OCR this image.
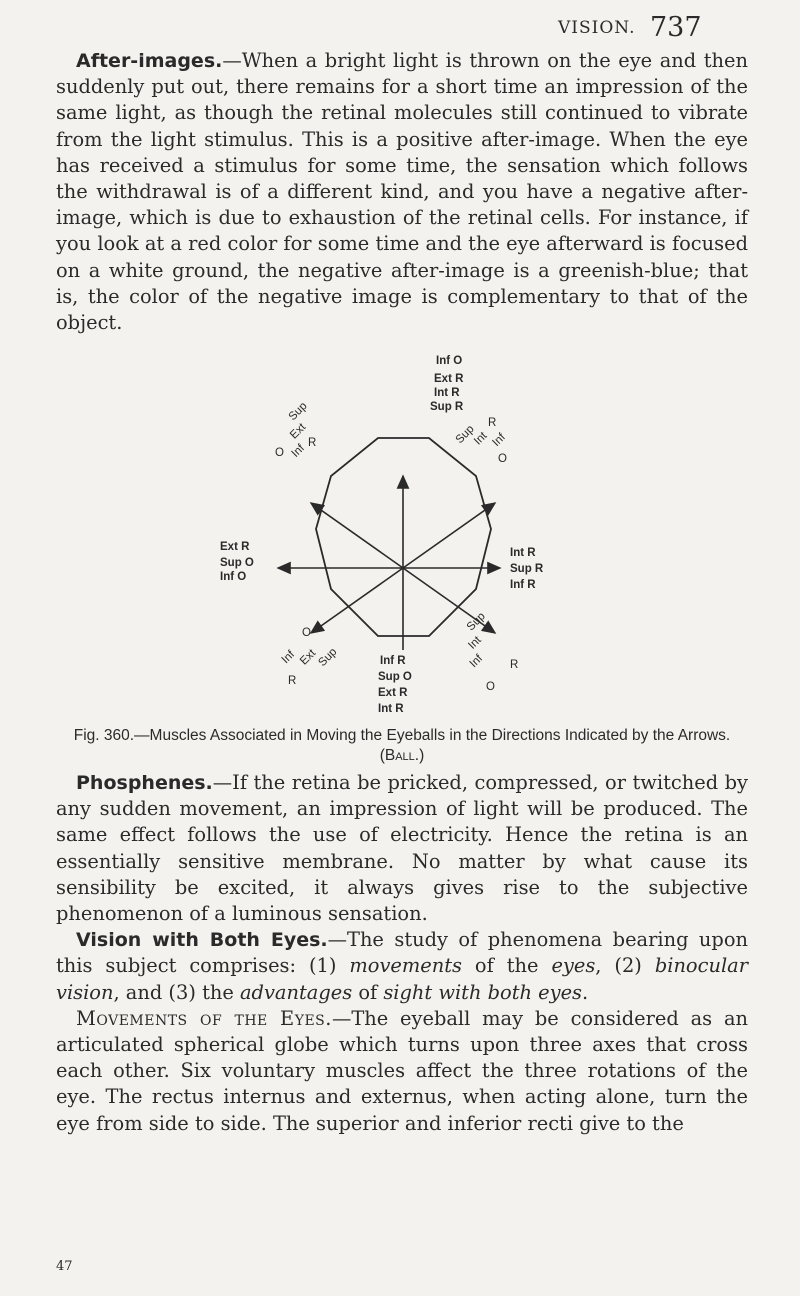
VISION. 737

After-images.—When a bright light is thrown on the eye and then suddenly put out, there remains for a short time an impression of the same light, as though the retinal molecules still continued to vibrate from the light stimulus. This is a positive after-image. When the eye has received a stimulus for some time, the sensation which follows the withdrawal is of a different kind, and you have a negative after-image, which is due to exhaustion of the retinal cells. For instance, if you look at a red color for some time and the eye afterward is focused on a white ground, the negative after-image is a greenish-blue; that is, the color of the negative image is complementary to that of the object.

Inf O
Ext R
Int R
Sup R
Ext R
Sup O
Inf O
Int R
Sup R
Inf R
Inf R
Sup O
Ext R
Int R
Sup
Ext
Inf
O
R	Sup
Int Inf
R
O
Inf Ext
Sup
O
R
Inf
Int
Sup
O
R
Fig. 360.—Muscles Associated in Moving the Eyeballs in the Directions Indicated by the Arrows. (Ball.)

Phosphenes.—If the retina be pricked, compressed, or twitched by any sudden movement, an impression of light will be produced. The same effect follows the use of electricity. Hence the retina is an essentially sensitive membrane. No matter by what cause its sensibility be excited, it always gives rise to the subjective phenomenon of a luminous sensation.

Vision with Both Eyes.—The study of phenomena bearing upon this subject comprises: (1) movements of the eyes, (2) binocular vision, and (3) the advantages of sight with both eyes.

Movements of the Eyes.—The eyeball may be considered as an articulated spherical globe which turns upon three axes that cross each other. Six voluntary muscles affect the three rotations of the eye. The rectus internus and externus, when acting alone, turn the eye from side to side. The superior and inferior recti give to the

47
